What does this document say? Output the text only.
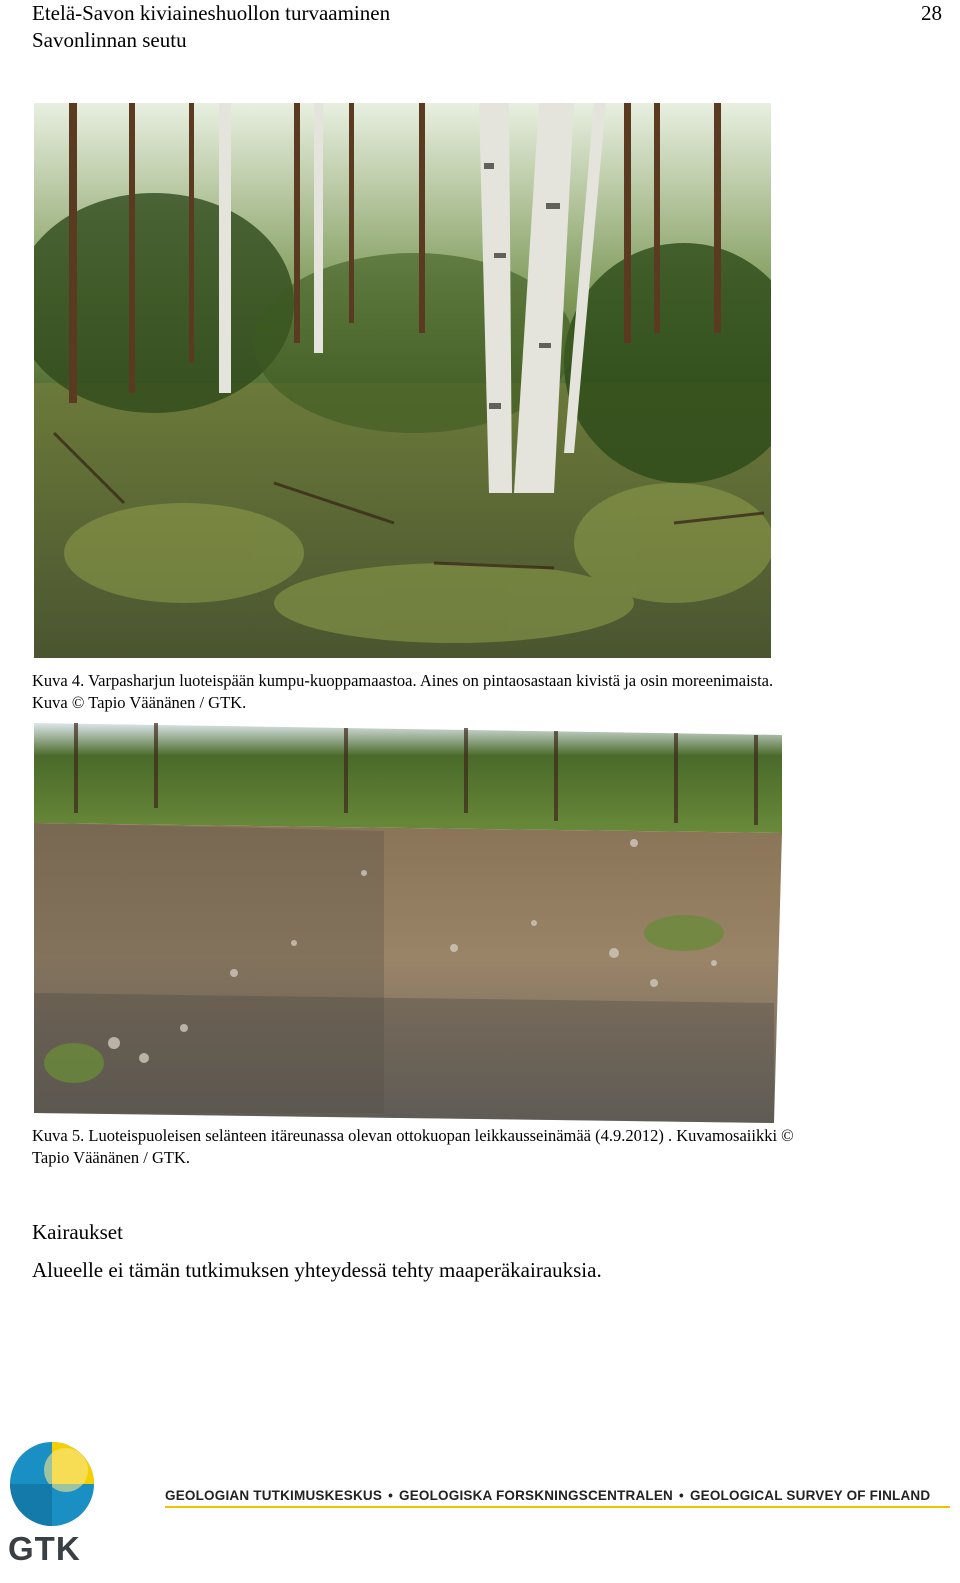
Etelä-Savon kiviaineshuollon turvaaminen
Savonlinnan seutu
28
Kuva 4. Varpasharjun luoteispään kumpu-kuoppamaastoa. Aines on pintaosastaan kivistä ja osin moreenimaista.
Kuva © Tapio Väänänen / GTK.
Kuva 5. Luoteispuoleisen selänteen itäreunassa olevan ottokuopan leikkausseinämää (4.9.2012) . Kuvamosaiikki ©
Tapio Väänänen / GTK.
Kairaukset
Alueelle ei tämän tutkimuksen yhteydessä tehty maaperäkairauksia.
GTK
GEOLOGIAN TUTKIMUSKESKUS • GEOLOGISKA FORSKNINGSCENTRALEN • GEOLOGICAL SURVEY OF FINLAND
